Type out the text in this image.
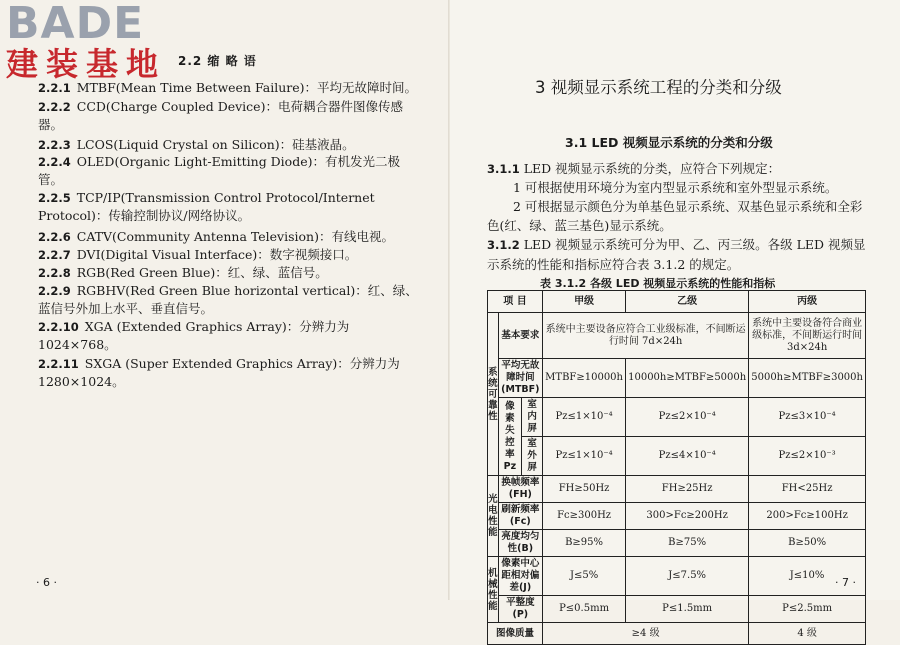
BADE
建装基地 2.2 缩 略 语
2.2.1 MTBF(Mean Time Between Failure)：平均无故障时间。
2.2.2 CCD(Charge Coupled Device)：电荷耦合器件图像传感器。
2.2.3 LCOS(Liquid Crystal on Silicon)：硅基液晶。
2.2.4 OLED(Organic Light-Emitting Diode)：有机发光二极管。
2.2.5 TCP/IP(Transmission Control Protocol/Internet Protocol)：传输控制协议/网络协议。
2.2.6 CATV(Community Antenna Television)：有线电视。
2.2.7 DVI(Digital Visual Interface)：数字视频接口。
2.2.8 RGB(Red Green Blue)：红、绿、蓝信号。
2.2.9 RGBHV(Red Green Blue horizontal vertical)：红、绿、蓝信号外加上水平、垂直信号。
2.2.10 XGA (Extended Graphics Array)：分辨力为 1024×768。
2.2.11 SXGA (Super Extended Graphics Array)：分辨力为 1280×1024。
· 6 ·
3 视频显示系统工程的分类和分级
3.1 LED 视频显示系统的分类和分级
3.1.1 LED 视频显示系统的分类，应符合下列规定：
1 可根据使用环境分为室内型显示系统和室外型显示系统。
2 可根据显示颜色分为单基色显示系统、双基色显示系统和全彩色(红、绿、蓝三基色)显示系统。
3.1.2 LED 视频显示系统可分为甲、乙、丙三级。各级 LED 视频显示系统的性能和指标应符合表 3.1.2 的规定。
表 3.1.2 各级 LED 视频显示系统的性能和指标
项 目			甲级	乙级	丙级
系统可靠性	基本要求		系统中主要设备应符合工业级标准，不间断运行时间 7d×24h		系统中主要设备符合商业级标准，不间断运行时间 3d×24h
	平均无故障时间(MTBF)		MTBF≥10000h	10000h≥MTBF≥5000h	5000h≥MTBF≥3000h
	像素失控率 Pz	室内屏	Pz≤1×10⁻⁴	Pz≤2×10⁻⁴	Pz≤3×10⁻⁴
		室外屏	Pz≤1×10⁻⁴	Pz≤4×10⁻⁴	Pz≤2×10⁻³
光电性能	换帧频率(FH)		FH≥50Hz	FH≥25Hz	FH<25Hz
	刷新频率(Fc)		Fc≥300Hz	300>Fc≥200Hz	200>Fc≥100Hz
	亮度均匀性(B)		B≥95%	B≥75%	B≥50%
机械性能	像素中心距相对偏差(J)		J≤5%	J≤7.5%	J≤10%
	平整度(P)		P≤0.5mm	P≤1.5mm	P≤2.5mm
图像质量			≥4 级		4 级
· 7 ·
